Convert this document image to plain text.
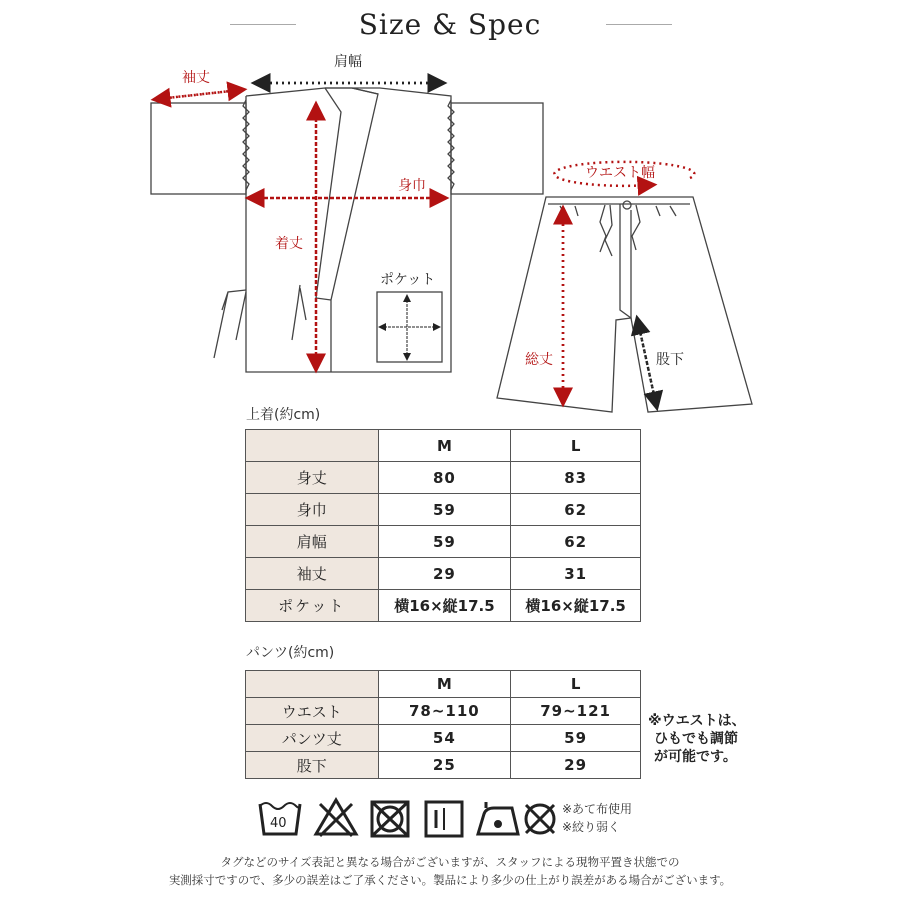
Size & Spec
袖丈
肩幅
身巾
着丈
ポケット
ウエスト幅
総丈	股下
上着(約cm)
	M	L
身丈	80	83
身巾	59	62
肩幅	59	62
袖丈	29	31
ポケット	横16×縦17.5	横16×縦17.5
パンツ(約cm)
	M	L
ウエスト	78~110	79~121
パンツ丈	54	59
股下	25	29
※ウエストは、
ひもでも調節
が可能です。
40
※あて布使用
※絞り弱く
タグなどのサイズ表記と異なる場合がございますが、スタッフによる現物平置き状態での
実測採寸ですので、多少の誤差はご了承ください。製品により多少の仕上がり誤差がある場合がございます。
